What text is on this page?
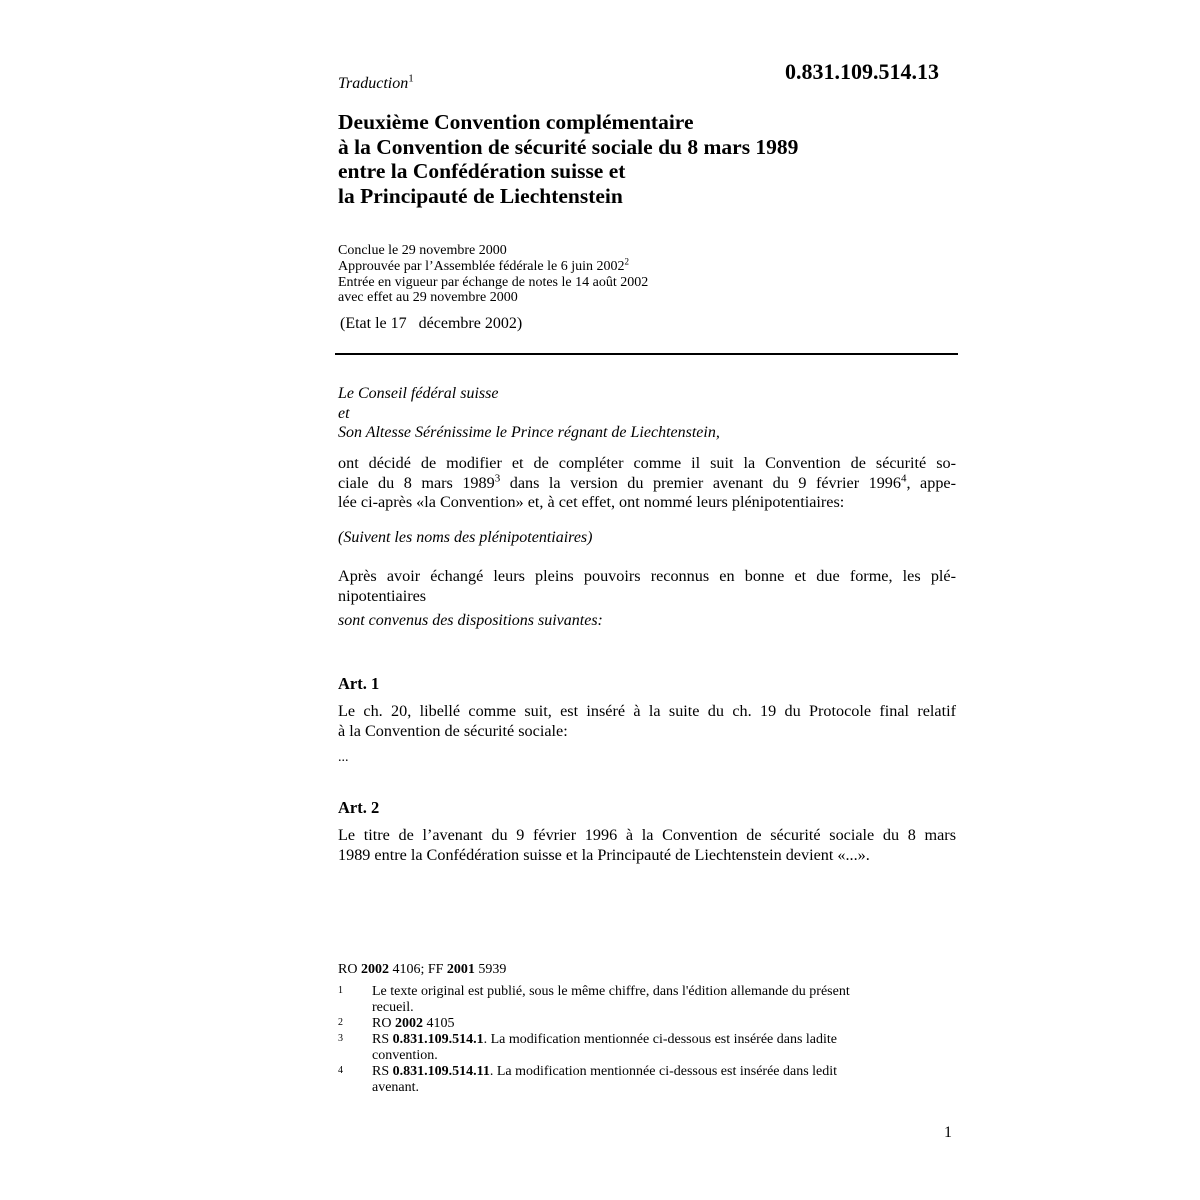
0.831.109.514.13
Traduction$^1$
Deuxième Convention complémentaire
à la Convention de sécurité sociale du 8 mars 1989
entre la Confédération suisse et
la Principauté de Liechtenstein
Conclue le 29 novembre 2000
Approuvée par l’Assemblée fédérale le 6 juin 2002$^2$
Entrée en vigueur par échange de notes le 14 août 2002
avec effet au 29 novembre 2000
(Etat le 17   décembre 2002)
Le Conseil fédéral suisse
et
Son Altesse Sérénissime le Prince régnant de Liechtenstein,
ont décidé de modifier et de compléter comme il suit la Convention de sécurité so-
ciale du 8 mars 1989$^3$ dans la version du premier avenant du 9 février 1996$^4$, appe-
lée ci-après «la Convention» et, à cet effet, ont nommé leurs plénipotentiaires:
(Suivent les noms des plénipotentiaires)
Après avoir échangé leurs pleins pouvoirs reconnus en bonne et due forme, les plé-
nipotentiaires
sont convenus des dispositions suivantes:
Art. 1
Le ch. 20, libellé comme suit, est inséré à la suite du ch. 19 du Protocole final relatif
à la Convention de sécurité sociale:
...
Art. 2
Le titre de l’avenant du 9 février 1996 à la Convention de sécurité sociale du 8 mars
1989 entre la Confédération suisse et la Principauté de Liechtenstein devient «...».
RO 2002 4106; FF 2001 5939
1 Le texte original est publié, sous le même chiffre, dans l'édition allemande du présent
recueil.
2 RO 2002 4105
3 RS 0.831.109.514.1. La modification mentionnée ci-dessous est insérée dans ladite
convention.
4 RS 0.831.109.514.11. La modification mentionnée ci-dessous est insérée dans ledit
avenant.
1
